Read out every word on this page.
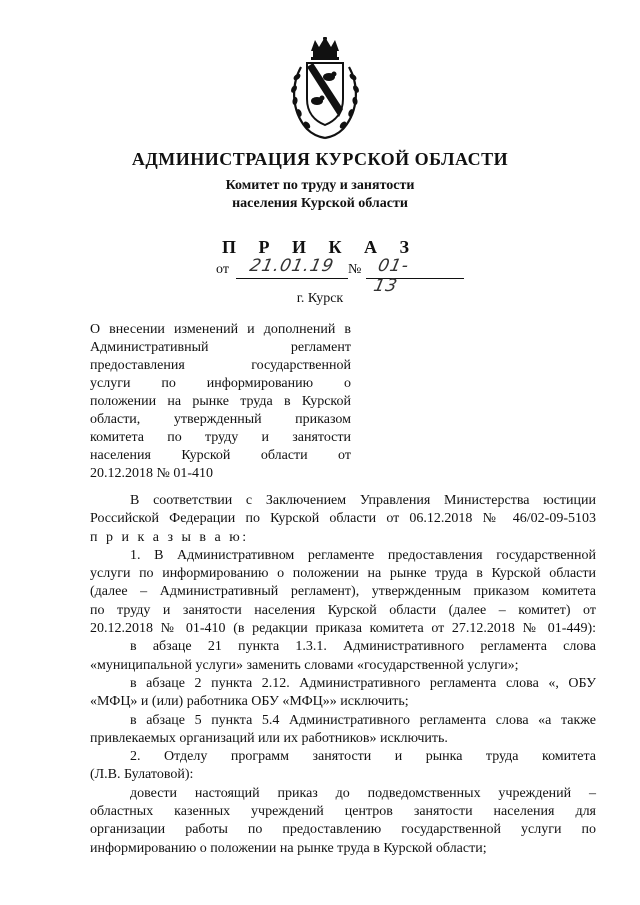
АДМИНИСТРАЦИЯ КУРСКОЙ ОБЛАСТИ
Комитет по труду и занятости
населения Курской области
П Р И К А З
от 21.01.19 № 01-13
г. Курск
О внесении изменений и дополнений в
Административный регламент
предоставления государственной
услуги по информированию о
положении на рынке труда в Курской
области, утвержденный приказом
комитета по труду и занятости
населения Курской области от
20.12.2018 № 01-410
В соответствии с Заключением Управления Министерства юстиции
Российской Федерации по Курской области от 06.12.2018 № 46/02-09-5103
п р и к а з ы в а ю:
1. В Административном регламенте предоставления государственной
услуги по информированию о положении на рынке труда в Курской области
(далее – Административный регламент), утвержденным приказом комитета
по труду и занятости населения Курской области (далее – комитет) от
20.12.2018 № 01-410 (в редакции приказа комитета от 27.12.2018 № 01-449):
в абзаце 21 пункта 1.3.1. Административного регламента слова
«муниципальной услуги» заменить словами «государственной услуги»;
в абзаце 2 пункта 2.12. Административного регламента слова «, ОБУ
«МФЦ» и (или) работника ОБУ «МФЦ»» исключить;
в абзаце 5 пункта 5.4 Административного регламента слова «а также
привлекаемых организаций или их работников» исключить.
2. Отделу программ занятости и рынка труда комитета
(Л.В. Булатовой):
довести настоящий приказ до подведомственных учреждений –
областных казенных учреждений центров занятости населения для
организации работы по предоставлению государственной услуги по
информированию о положении на рынке труда в Курской области;
